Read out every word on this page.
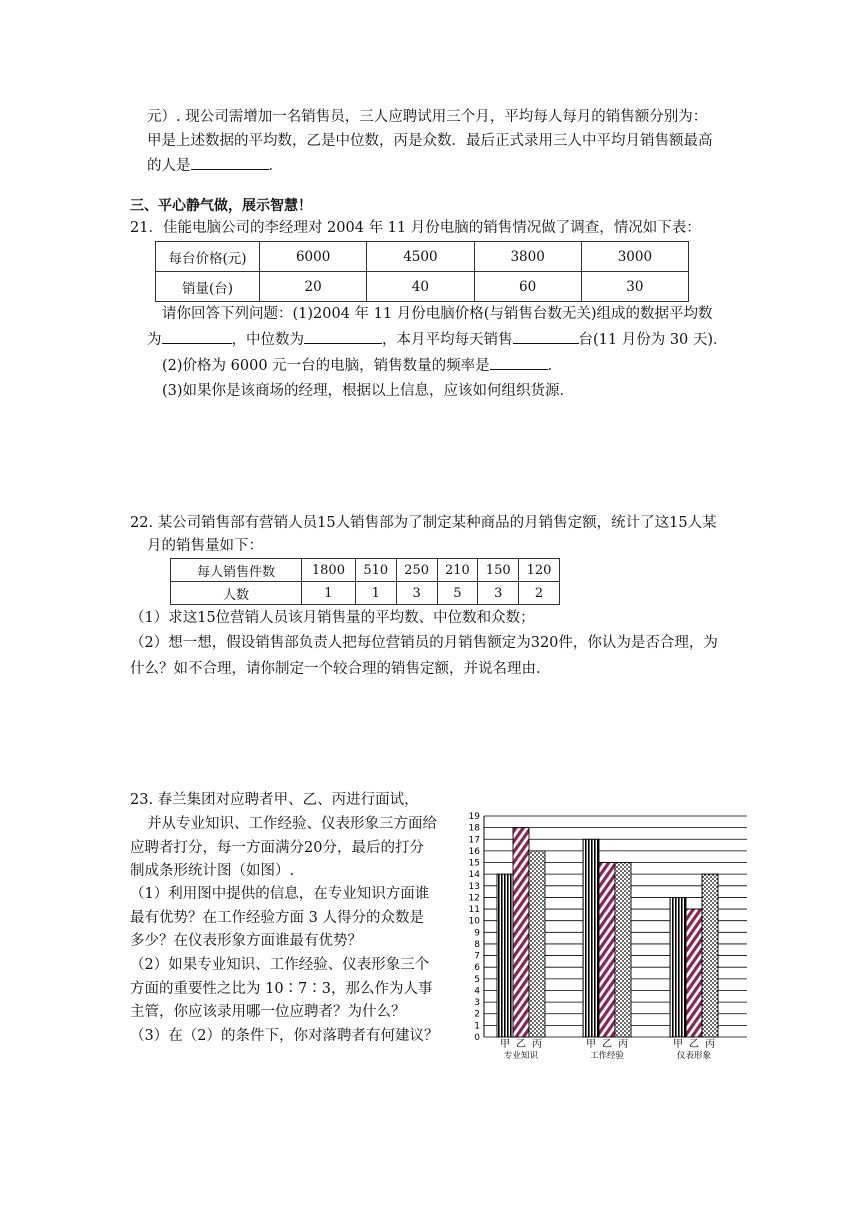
元）. 现公司需增加一名销售员，三人应聘试用三个月，平均每人每月的销售额分别为：
甲是上述数据的平均数，乙是中位数，丙是众数．最后正式录用三人中平均月销售额最高
的人是	．
三、平心静气做，展示智慧！
21．佳能电脑公司的李经理对 2004 年 11 月份电脑的销售情况做了调查，情况如下表：
每台价格(元)	6000	4500	3800	3000
销量(台)	20	40	60	30
请你回答下列问题：(1)2004 年 11 月份电脑价格(与销售台数无关)组成的数据平均数
为	，中位数为	，本月平均每天销售	台(11 月份为 30 天)．
(2)价格为 6000 元一台的电脑，销售数量的频率是	．
(3)如果你是该商场的经理，根据以上信息，应该如何组织货源．
22. 某公司销售部有营销人员15人销售部为了制定某种商品的月销售定额，统计了这15人某
月的销售量如下：
每人销售件数	1800	510	250	210	150	120
人数	1	1	3	5	3	2
（1）求这15位营销人员该月销售量的平均数、中位数和众数；
（2）想一想，假设销售部负责人把每位营销员的月销售额定为320件，你认为是否合理，为
什么？如不合理，请你制定一个较合理的销售定额，并说名理由．
23. 春兰集团对应聘者甲、乙、丙进行面试，
并从专业知识、工作经验、仪表形象三方面给
应聘者打分，每一方面满分20分，最后的打分
制成条形统计图（如图）.
（1）利用图中提供的信息，在专业知识方面谁
最有优势？在工作经验方面 3 人得分的众数是
多少？在仪表形象方面谁最有优势？
（2）如果专业知识、工作经验、仪表形象三个
方面的重要性之比为 10∶7∶3，那么作为人事
主管，你应该录用哪一位应聘者？为什么？
（3）在（2）的条件下，你对落聘者有何建议？	0
1
2
3
4
5
6
7
8
9
10
11
12
13
14
15
16
17
18
19
甲 乙 丙
专业知识
甲 乙 丙
工作经验
甲 乙 丙
仪表形象
